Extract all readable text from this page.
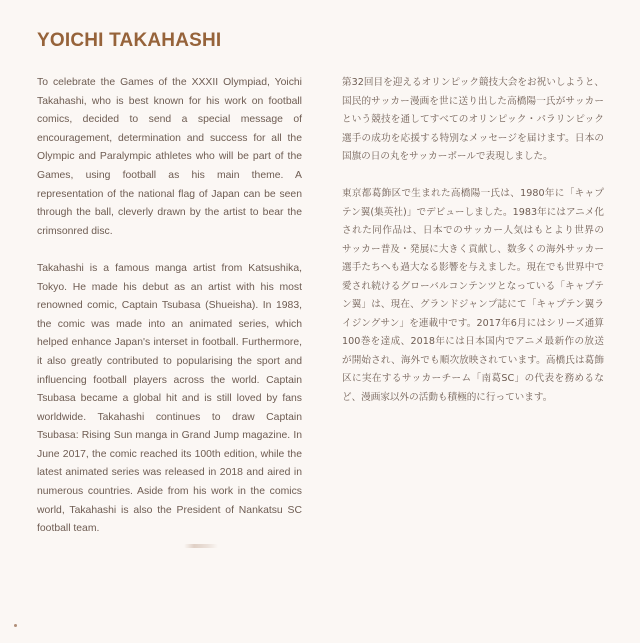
YOICHI TAKAHASHI

To celebrate the Games of the XXXII Olympiad, Yoichi Takahashi, who is best known for his work on football comics, decided to send a special message of encouragement, determination and success for all the Olympic and Paralympic athletes who will be part of the Games, using football as his main theme. A representation of the national flag of Japan can be seen through the ball, cleverly drawn by the artist to bear the crimsonred disc.

Takahashi is a famous manga artist from Katsushika, Tokyo. He made his debut as an artist with his most renowned comic, Captain Tsubasa (Shueisha). In 1983, the comic was made into an animated series, which helped enhance Japan's interset in football. Furthermore, it also greatly contributed to popularising the sport and influencing football players across the world. Captain Tsubasa became a global hit and is still loved by fans worldwide. Takahashi continues to draw Captain Tsubasa: Rising Sun manga in Grand Jump magazine. In June 2017, the comic reached its 100th edition, while the latest animated series was released in 2018 and aired in numerous countries. Aside from his work in the comics world, Takahashi is also the President of Nankatsu SC football team.

第32回目を迎えるオリンピック競技大会をお祝いしようと、国民的サッカー漫画を世に送り出した高橋陽一氏がサッカーという競技を通してすべてのオリンピック・パラリンピック選手の成功を応援する特別なメッセージを届けます。日本の国旗の日の丸をサッカーボールで表現しました。

東京都葛飾区で生まれた高橋陽一氏は、1980年に「キャプテン翼(集英社)」でデビューしました。1983年にはアニメ化された同作品は、日本でのサッカー人気はもとより世界のサッカー普及・発展に大きく貢献し、数多くの海外サッカー選手たちへも過大なる影響を与えました。現在でも世界中で愛され続けるグローバルコンテンツとなっている「キャプテン翼」は、現在、グランドジャンプ誌にて「キャプテン翼ライジングサン」を連載中です。2017年6月にはシリーズ通算100巻を達成、2018年には日本国内でアニメ最新作の放送が開始され、海外でも順次放映されています。高橋氏は葛飾区に実在するサッカーチーム「南葛SC」の代表を務めるなど、漫画家以外の活動も積極的に行っています。
